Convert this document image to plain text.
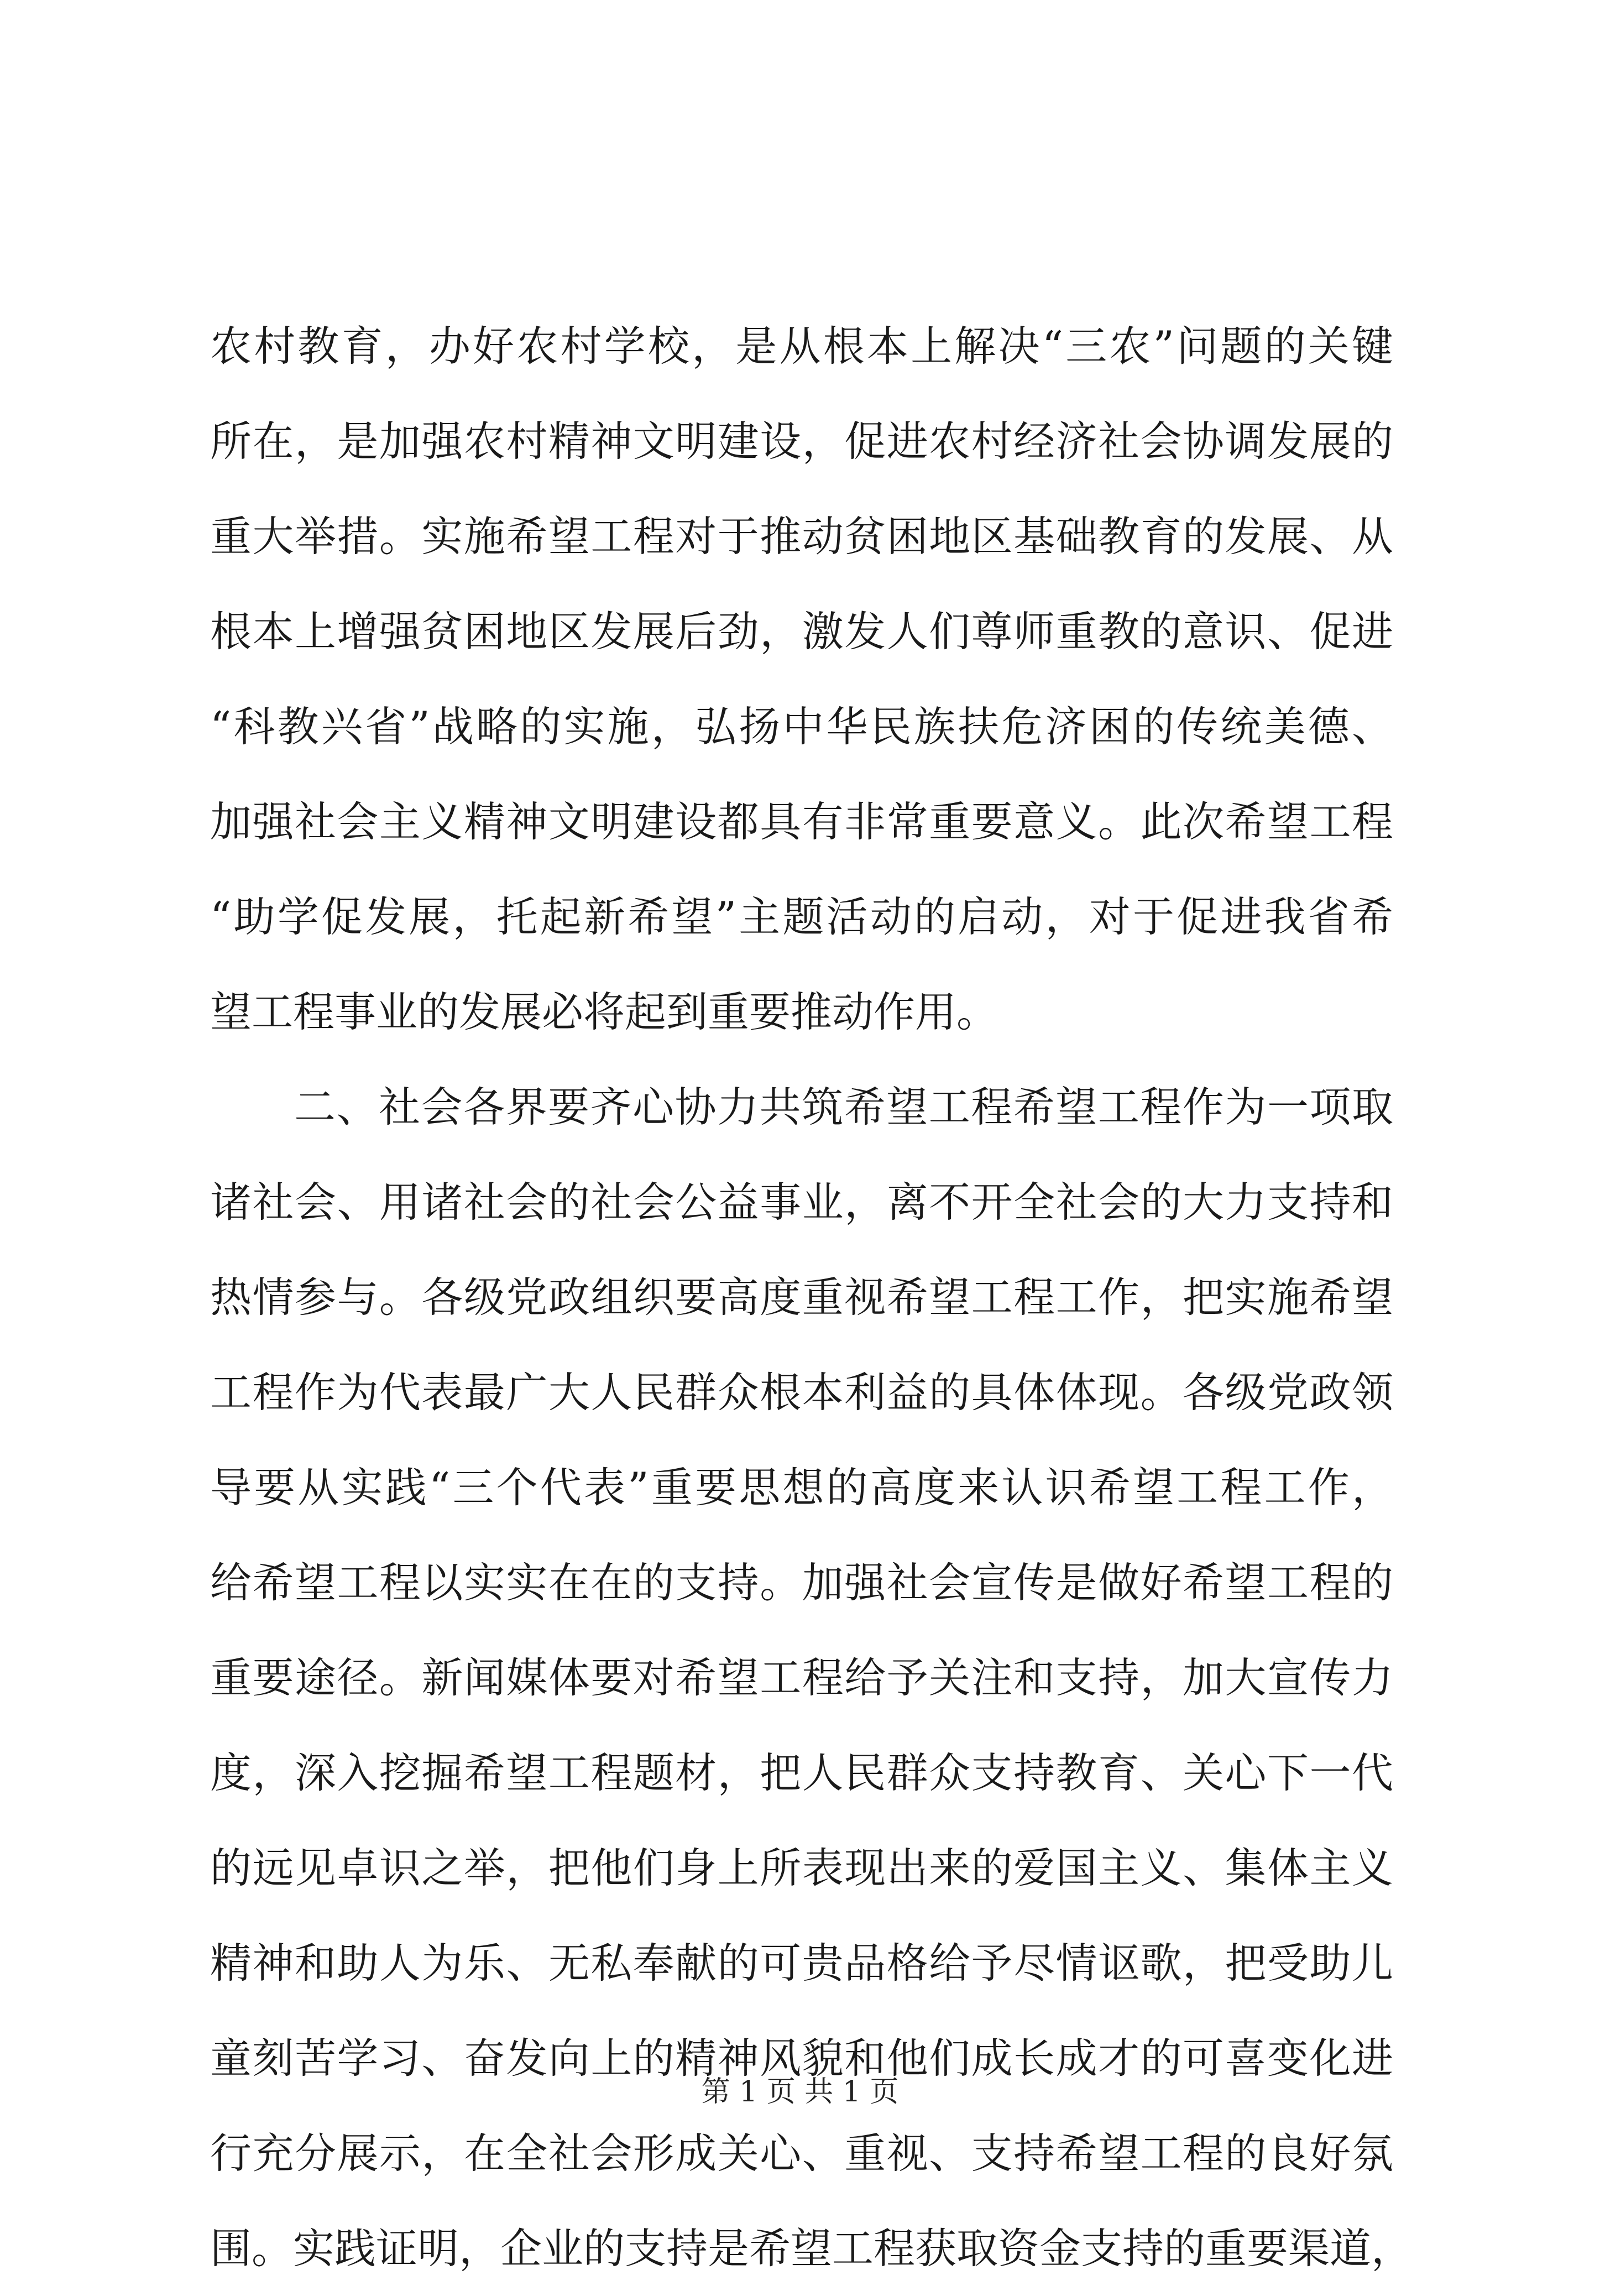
农村教育，办好农村学校，是从根本上解决“三农”问题的关键
所在，是加强农村精神文明建设，促进农村经济社会协调发展的
重大举措。实施希望工程对于推动贫困地区基础教育的发展、从
根本上增强贫困地区发展后劲，激发人们尊师重教的意识、促进
“科教兴省”战略的实施，弘扬中华民族扶危济困的传统美德、
加强社会主义精神文明建设都具有非常重要意义。此次希望工程
“助学促发展，托起新希望”主题活动的启动，对于促进我省希
望工程事业的发展必将起到重要推动作用。
二、社会各界要齐心协力共筑希望工程希望工程作为一项取
诸社会、用诸社会的社会公益事业，离不开全社会的大力支持和
热情参与。各级党政组织要高度重视希望工程工作，把实施希望
工程作为代表最广大人民群众根本利益的具体体现。各级党政领
导要从实践“三个代表”重要思想的高度来认识希望工程工作，
给希望工程以实实在在的支持。加强社会宣传是做好希望工程的
重要途径。新闻媒体要对希望工程给予关注和支持，加大宣传力
度，深入挖掘希望工程题材，把人民群众支持教育、关心下一代
的远见卓识之举，把他们身上所表现出来的爱国主义、集体主义
精神和助人为乐、无私奉献的可贵品格给予尽情讴歌，把受助儿
童刻苦学习、奋发向上的精神风貌和他们成长成才的可喜变化进
行充分展示，在全社会形成关心、重视、支持希望工程的良好氛
围。实践证明，企业的支持是希望工程获取资金支持的重要渠道，
第 1 页 共 1 页
